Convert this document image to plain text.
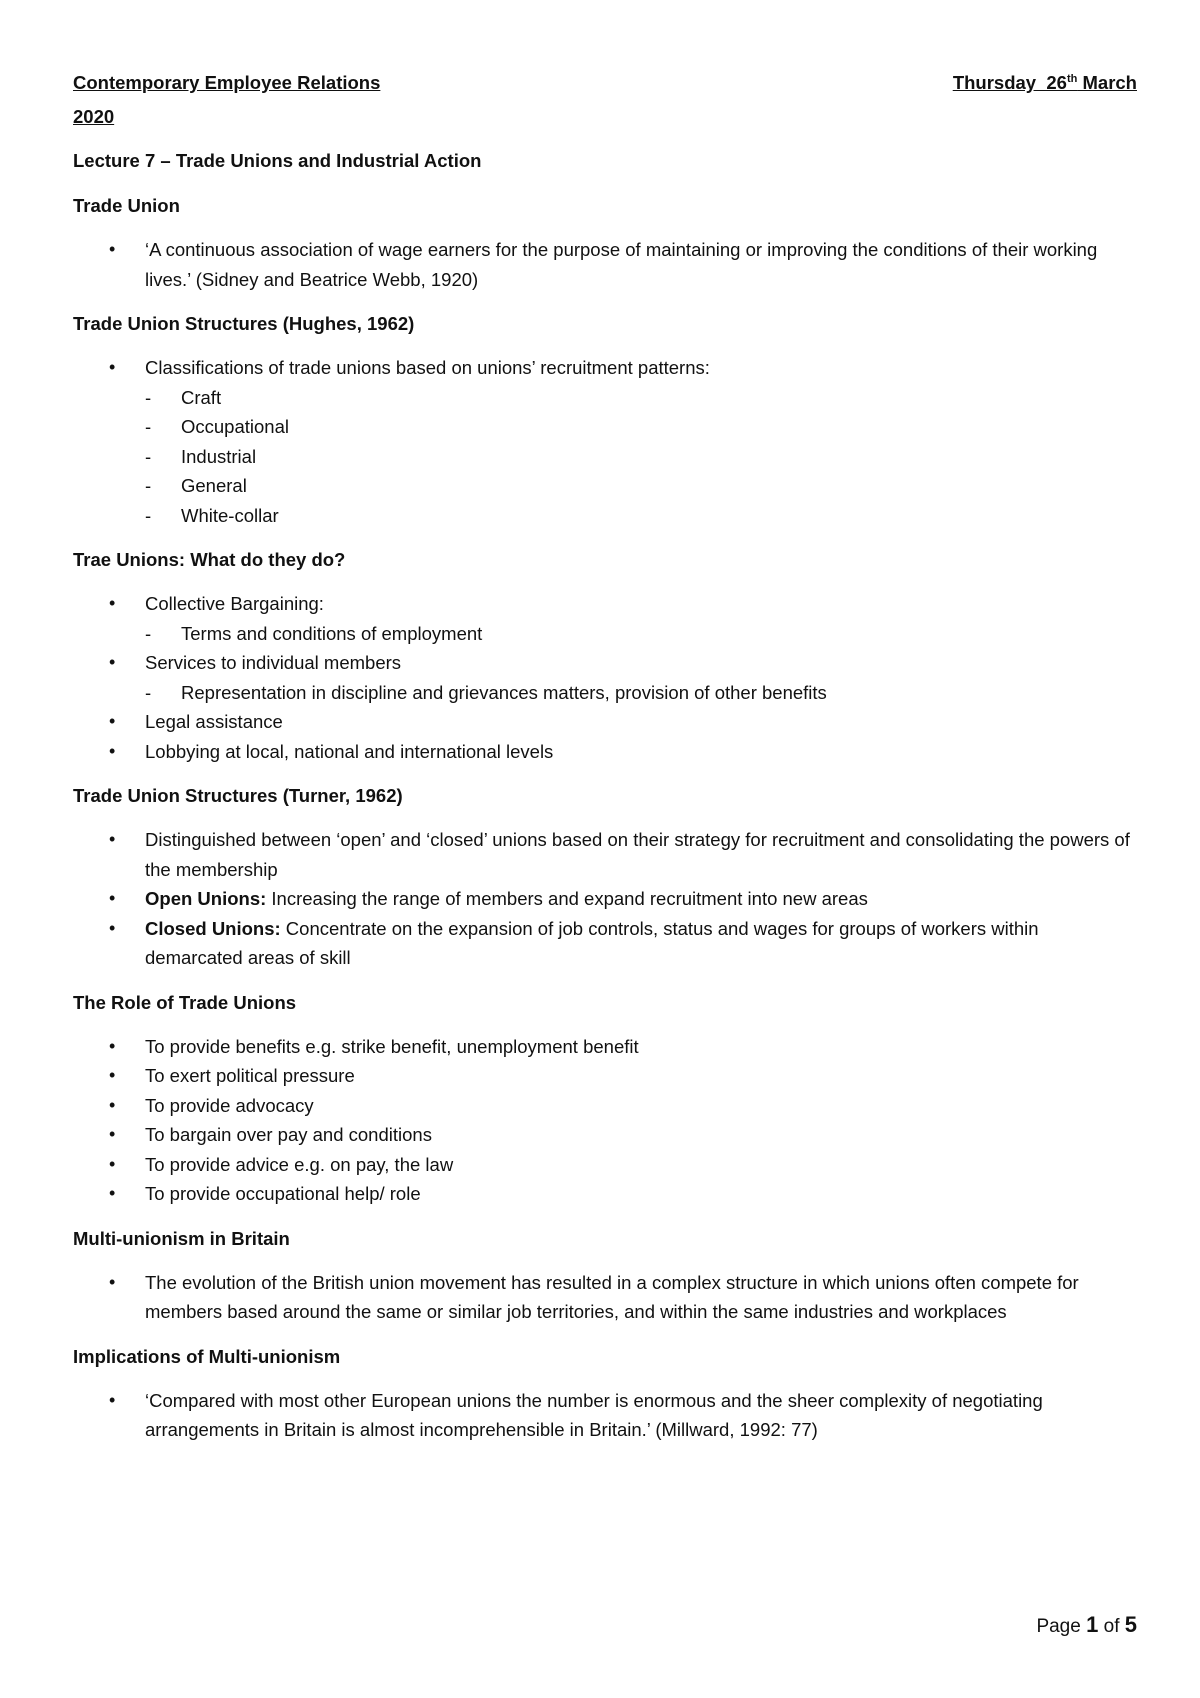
Contemporary Employee Relations	Thursday  26th March
2020
Lecture 7 – Trade Unions and Industrial Action
Trade Union
• ‘A continuous association of wage earners for the purpose of maintaining or improving the conditions of their working lives.’ (Sidney and Beatrice Webb, 1920)
Trade Union Structures (Hughes, 1962)
• Classifications of trade unions based on unions’ recruitment patterns:
- Craft
- Occupational
- Industrial
- General
- White-collar
Trae Unions: What do they do?
• Collective Bargaining:
- Terms and conditions of employment
• Services to individual members
- Representation in discipline and grievances matters, provision of other benefits
• Legal assistance
• Lobbying at local, national and international levels
Trade Union Structures (Turner, 1962)
• Distinguished between ‘open’ and ‘closed’ unions based on their strategy for recruitment and consolidating the powers of the membership
• Open Unions: Increasing the range of members and expand recruitment into new areas
• Closed Unions: Concentrate on the expansion of job controls, status and wages for groups of workers within demarcated areas of skill
The Role of Trade Unions
• To provide benefits e.g. strike benefit, unemployment benefit
• To exert political pressure
• To provide advocacy
• To bargain over pay and conditions
• To provide advice e.g. on pay, the law
• To provide occupational help/ role
Multi-unionism in Britain
• The evolution of the British union movement has resulted in a complex structure in which unions often compete for members based around the same or similar job territories, and within the same industries and workplaces
Implications of Multi-unionism
• ‘Compared with most other European unions the number is enormous and the sheer complexity of negotiating arrangements in Britain is almost incomprehensible in Britain.’ (Millward, 1992: 77)
Page 1 of 5
